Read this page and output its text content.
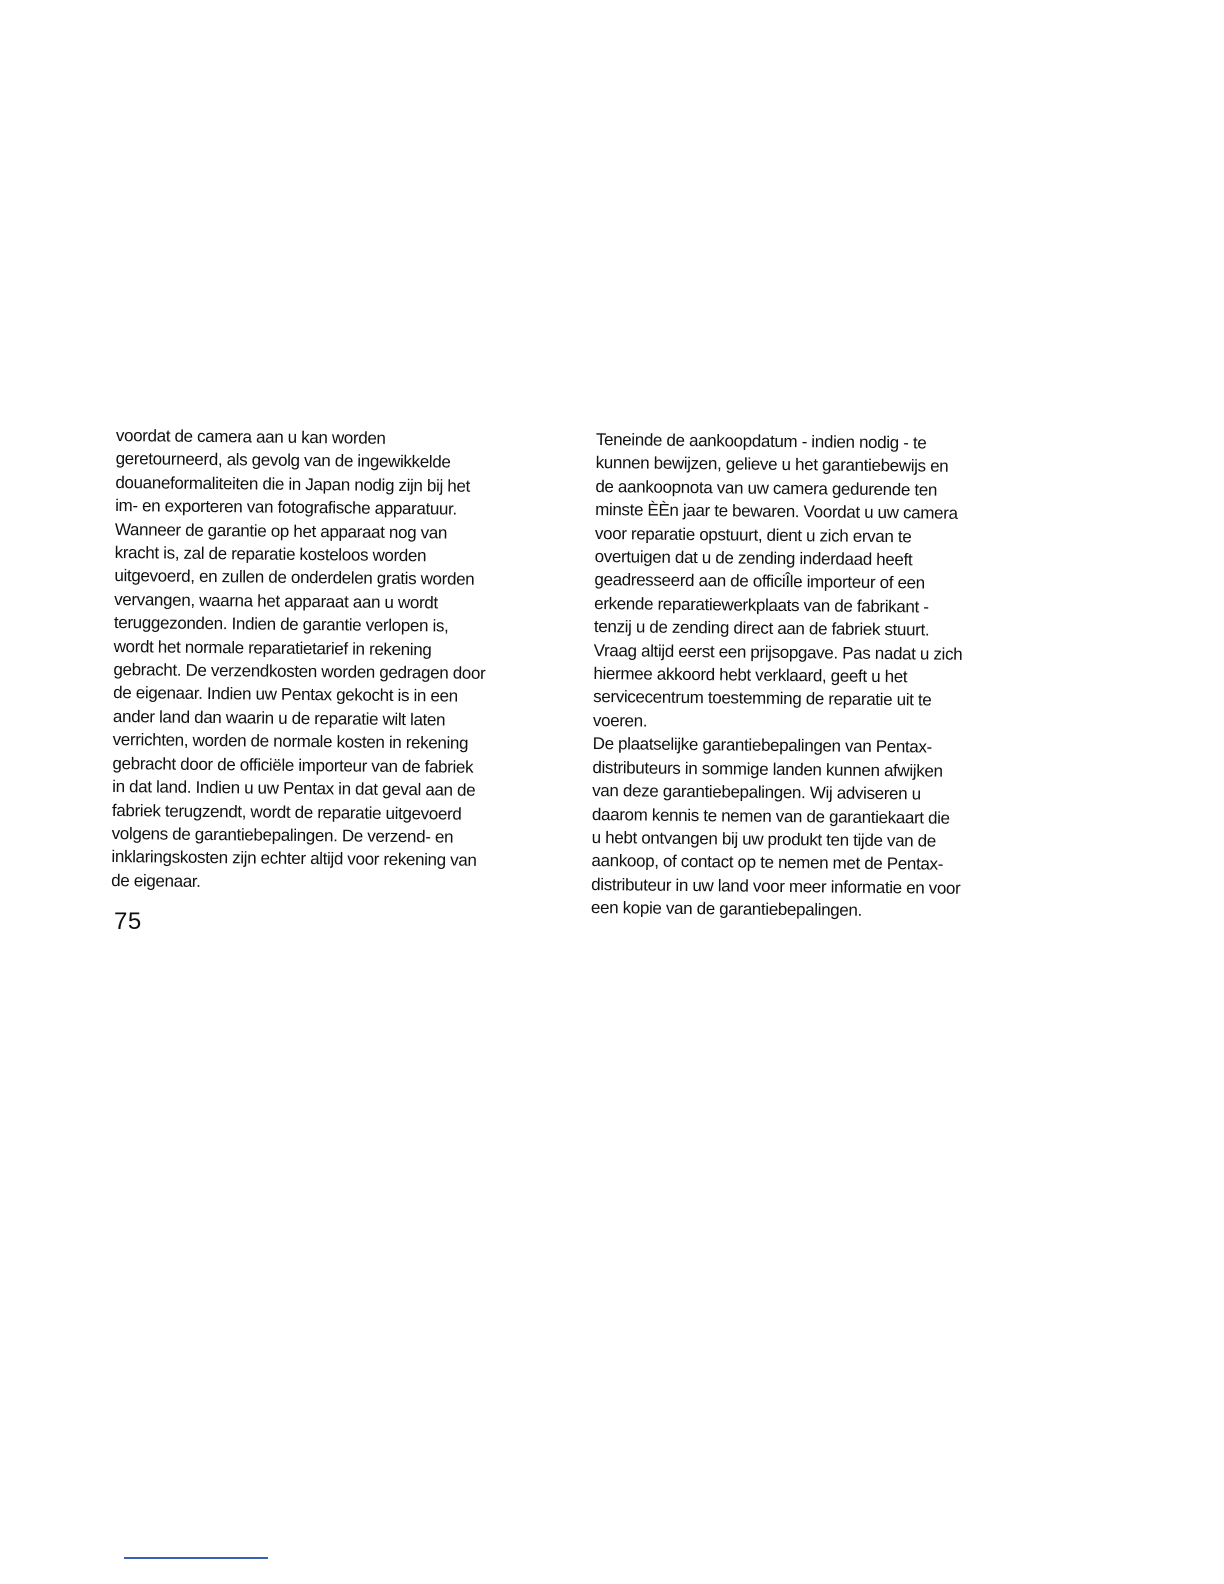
voordat de camera aan u kan worden
geretourneerd, als gevolg van de ingewikkelde
douaneformaliteiten die in Japan nodig zijn bij het
im- en exporteren van fotografische apparatuur.
Wanneer de garantie op het apparaat nog van
kracht is, zal de reparatie kosteloos worden
uitgevoerd, en zullen de onderdelen gratis worden
vervangen, waarna het apparaat aan u wordt
teruggezonden. Indien de garantie verlopen is,
wordt het normale reparatietarief in rekening
gebracht. De verzendkosten worden gedragen door
de eigenaar. Indien uw Pentax gekocht is in een
ander land dan waarin u de reparatie wilt laten
verrichten, worden de normale kosten in rekening
gebracht door de officiële importeur van de fabriek
in dat land. Indien u uw Pentax in dat geval aan de
fabriek terugzendt, wordt de reparatie uitgevoerd
volgens de garantiebepalingen. De verzend- en
inklaringskosten zijn echter altijd voor rekening van
de eigenaar.
Teneinde de aankoopdatum - indien nodig - te
kunnen bewijzen, gelieve u het garantiebewijs en
de aankoopnota van uw camera gedurende ten
minste ÈÈn jaar te bewaren. Voordat u uw camera
voor reparatie opstuurt, dient u zich ervan te
overtuigen dat u de zending inderdaad heeft
geadresseerd aan de officiÎle importeur of een
erkende reparatiewerkplaats van de fabrikant -
tenzij u de zending direct aan de fabriek stuurt.
Vraag altijd eerst een prijsopgave. Pas nadat u zich
hiermee akkoord hebt verklaard, geeft u het
servicecentrum toestemming de reparatie uit te
voeren.
De plaatselijke garantiebepalingen van Pentax-
distributeurs in sommige landen kunnen afwijken
van deze garantiebepalingen. Wij adviseren u
daarom kennis te nemen van de garantiekaart die
u hebt ontvangen bij uw produkt ten tijde van de
aankoop, of contact op te nemen met de Pentax-
distributeur in uw land voor meer informatie en voor
een kopie van de garantiebepalingen.
75
